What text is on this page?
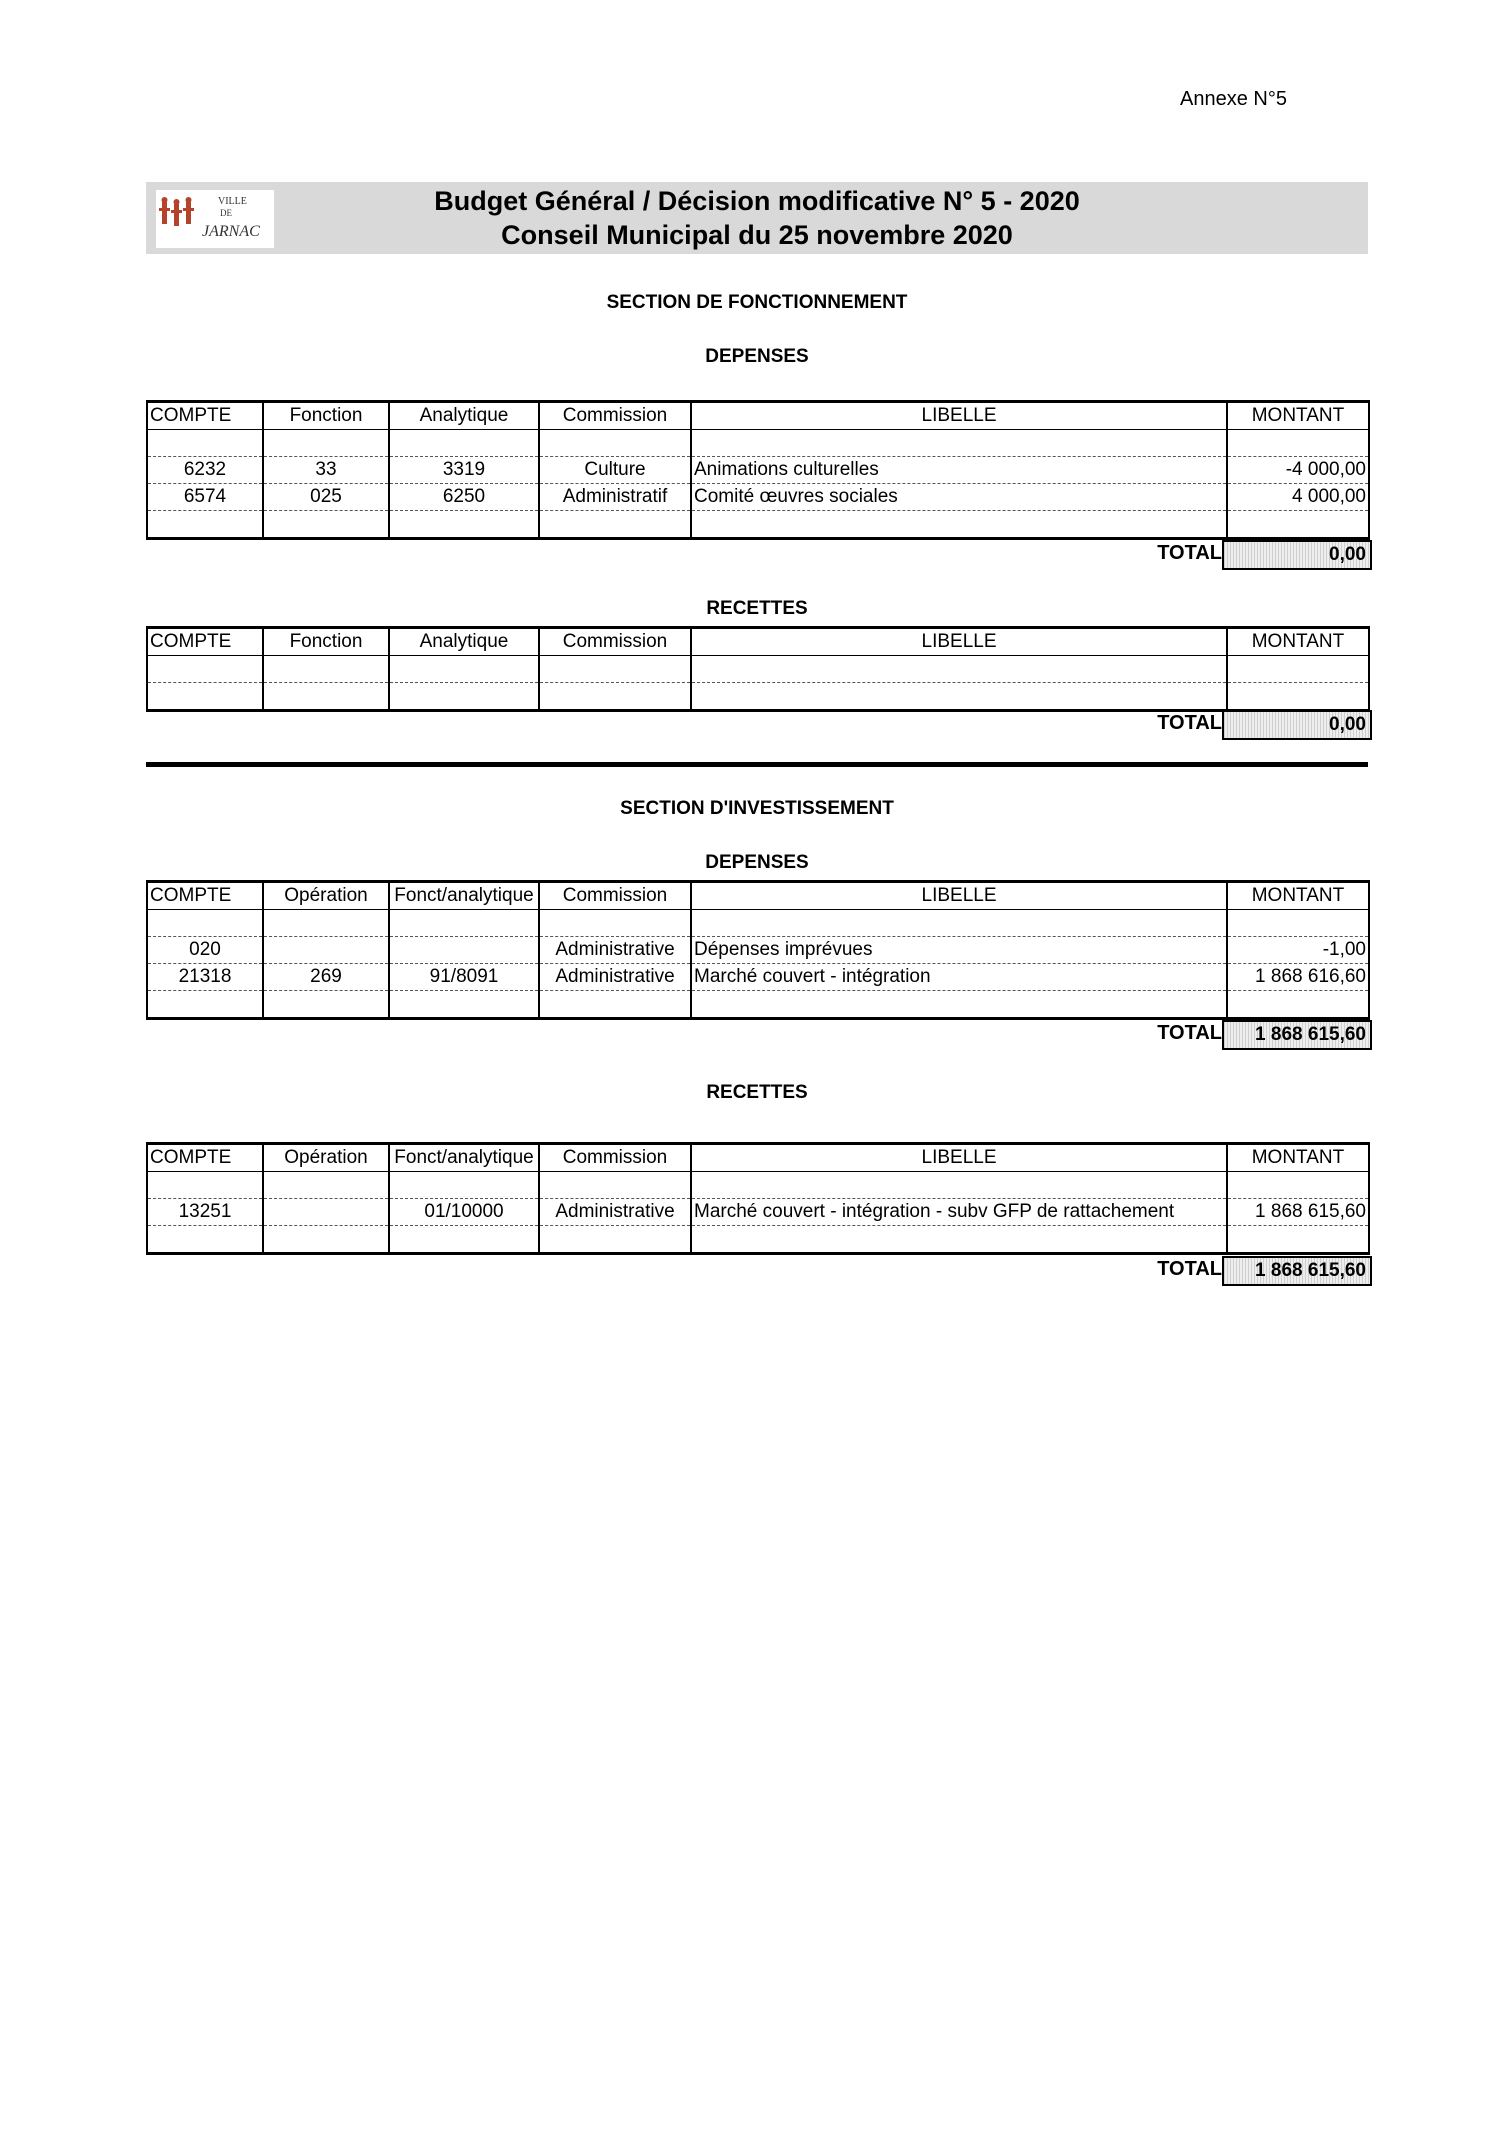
Annexe N°5
VILLE
DE
JARNAC
Budget Général / Décision modificative N° 5 - 2020
Conseil Municipal du 25 novembre 2020
SECTION DE FONCTIONNEMENT
DEPENSES
COMPTE	Fonction	Analytique	Commission	LIBELLE	MONTANT

6232	33	3319	Culture	Animations culturelles	-4 000,00
6574	025	6250	Administratif	Comité œuvres sociales	4 000,00

TOTAL	0,00
RECETTES
COMPTE	Fonction	Analytique	Commission	LIBELLE	MONTANT

TOTAL	0,00
SECTION D'INVESTISSEMENT
DEPENSES
COMPTE	Opération	Fonct/analytique	Commission	LIBELLE	MONTANT

020			Administrative	Dépenses imprévues	-1,00
21318	269	91/8091	Administrative	Marché couvert - intégration	1 868 616,60

TOTAL	1 868 615,60
RECETTES
COMPTE	Opération	Fonct/analytique	Commission	LIBELLE	MONTANT

13251		01/10000	Administrative	Marché couvert - intégration - subv GFP de rattachement	1 868 615,60

TOTAL	1 868 615,60
